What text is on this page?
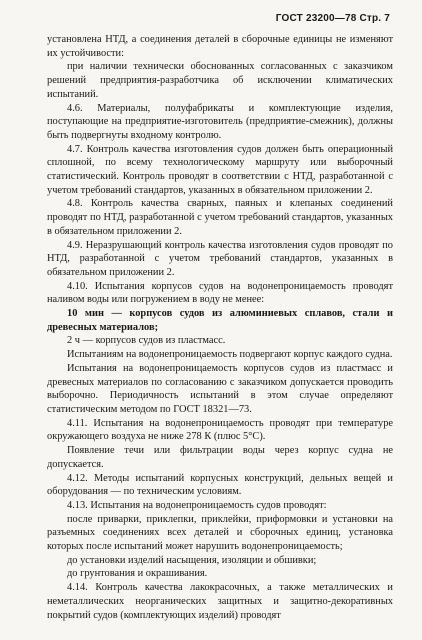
ГОСТ 23200—78 Стр. 7

установлена НТД, а соединения деталей в сборочные единицы не изменяют их устойчивости:

при наличии технически обоснованных согласованных с заказчиком решений предприятия-разработчика об исключении климатических испытаний.

4.6. Материалы, полуфабрикаты и комплектующие изделия, поступающие на предприятие-изготовитель (предприятие-смежник), должны быть подвергнуты входному контролю.

4.7. Контроль качества изготовления судов должен быть операционный сплошной, по всему технологическому маршруту или выборочный статистический. Контроль проводят в соответствии с НТД, разработанной с учетом требований стандартов, указанных в обязательном приложении 2.

4.8. Контроль качества сварных, паяных и клепаных соединений проводят по НТД, разработанной с учетом требований стандартов, указанных в обязательном приложении 2.

4.9. Неразрушающий контроль качества изготовления судов проводят по НТД, разработанной с учетом требований стандартов, указанных в обязательном приложении 2.

4.10. Испытания корпусов судов на водонепроницаемость проводят наливом воды или погружением в воду не менее:

10 мин — корпусов судов из алюминиевых сплавов, стали и древесных материалов;

2 ч — корпусов судов из пластмасс.

Испытаниям на водонепроницаемость подвергают корпус каждого судна.

Испытания на водонепроницаемость корпусов судов из пластмасс и древесных материалов по согласованию с заказчиком допускается проводить выборочно. Периодичность испытаний в этом случае определяют статистическим методом по ГОСТ 18321—73.

4.11. Испытания на водонепроницаемость проводят при температуре окружающего воздуха не ниже 278 К (плюс 5°С).

Появление течи или фильтрации воды через корпус судна не допускается.

4.12. Методы испытаний корпусных конструкций, дельных вещей и оборудования — по техническим условиям.

4.13. Испытания на водонепроницаемость судов проводят:

после приварки, приклепки, приклейки, приформовки и установки на разъемных соединениях всех деталей и сборочных единиц, установка которых после испытаний может нарушить водонепроницаемость;

до установки изделий насыщения, изоляции и обшивки;

до грунтования и окрашивания.

4.14. Контроль качества лакокрасочных, а также металлических и неметаллических неорганических защитных и защитно-декоративных покрытий судов (комплектующих изделий) проводят
